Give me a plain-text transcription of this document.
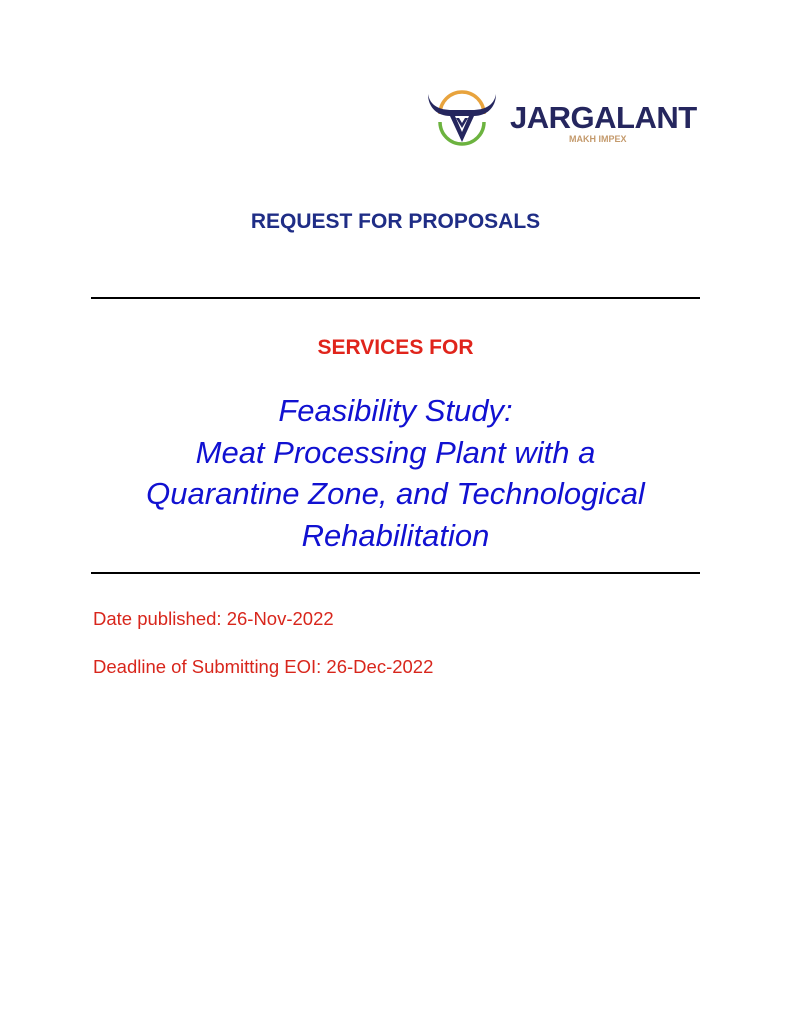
JARGALANT
MAKH IMPEX
REQUEST FOR PROPOSALS
SERVICES FOR
Feasibility Study:
Meat Processing Plant with a
Quarantine Zone, and Technological
Rehabilitation
Date published: 26-Nov-2022
Deadline of Submitting EOI: 26-Dec-2022
